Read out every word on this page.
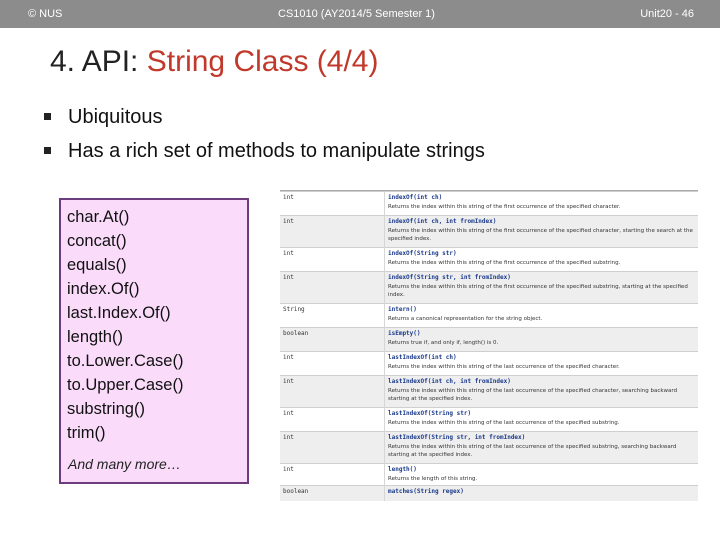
© NUS	CS1010 (AY2014/5 Semester 1)	Unit20 - 46
4. API: String Class (4/4)
Ubiquitous
Has a rich set of methods to manipulate strings
char.At()
concat()
equals()
index.Of()
last.Index.Of()
length()
to.Lower.Case()
to.Upper.Case()
substring()
trim()
And many more…
int	indexOf(int ch)
Returns the index within this string of the first occurrence of the specified character.
int	indexOf(int ch, int fromIndex)
Returns the index within this string of the first occurrence of the specified character, starting the search at the specified index.
int	indexOf(String str)
Returns the index within this string of the first occurrence of the specified substring.
int	indexOf(String str, int fromIndex)
Returns the index within this string of the first occurrence of the specified substring, starting at the specified index.
String	intern()
Returns a canonical representation for the string object.
boolean	isEmpty()
Returns true if, and only if, length() is 0.
int	lastIndexOf(int ch)
Returns the index within this string of the last occurrence of the specified character.
int	lastIndexOf(int ch, int fromIndex)
Returns the index within this string of the last occurrence of the specified character, searching backward starting at the specified index.
int	lastIndexOf(String str)
Returns the index within this string of the last occurrence of the specified substring.
int	lastIndexOf(String str, int fromIndex)
Returns the index within this string of the last occurrence of the specified substring, searching backward starting at the specified index.
int	length()
Returns the length of this string.
boolean	matches(String regex)
